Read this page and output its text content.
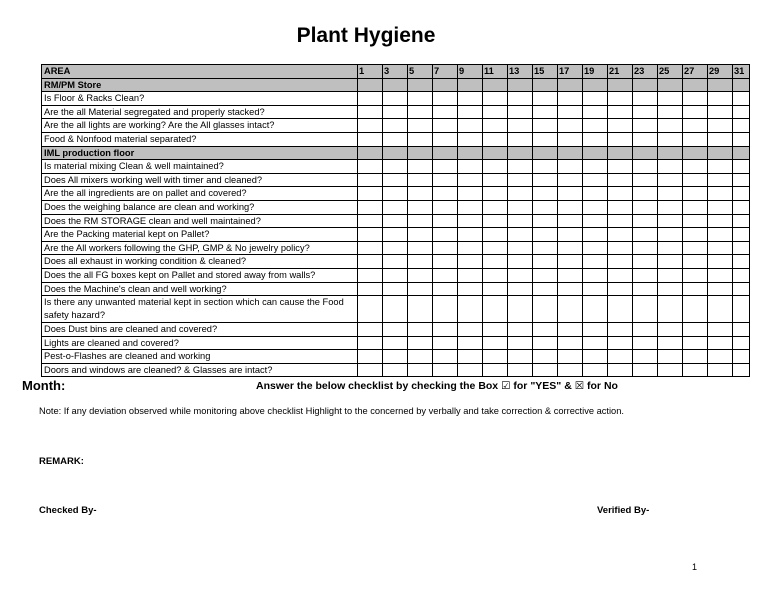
Plant Hygiene
AREA	1	3	5	7	9	11	13	15	17	19	21	23	25	27	29	31
RM/PM Store																
Is Floor & Racks Clean?																
Are the all Material segregated and properly stacked?																
Are the all lights are working? Are the All glasses intact?																
Food & Nonfood material separated?																
IML production floor																
Is material mixing Clean & well maintained?																
Does All mixers working well with timer and cleaned?																
Are the all ingredients are on pallet and covered?																
Does the weighing balance are clean and working?																
Does the RM STORAGE clean and well maintained?																
Are the Packing material kept on Pallet?																
Are the All workers following the GHP, GMP & No jewelry policy?																
Does all exhaust in working condition & cleaned?																
Does the all FG boxes kept on Pallet and stored away from walls?																
Does the Machine's clean and well working?																
Is there any unwanted material kept in section which can cause the Food safety hazard?																
Does Dust bins are cleaned and covered?																
Lights are cleaned and covered?																
Pest-o-Flashes are cleaned and working																
Doors and windows are cleaned? & Glasses are intact?																
Month:	Answer the below checklist by checking the Box ☑ for "YES" & ☒ for No
Note: If any deviation observed while monitoring above checklist Highlight to the concerned by verbally and take correction & corrective action.
REMARK:
Checked By-	Verified By-
1
